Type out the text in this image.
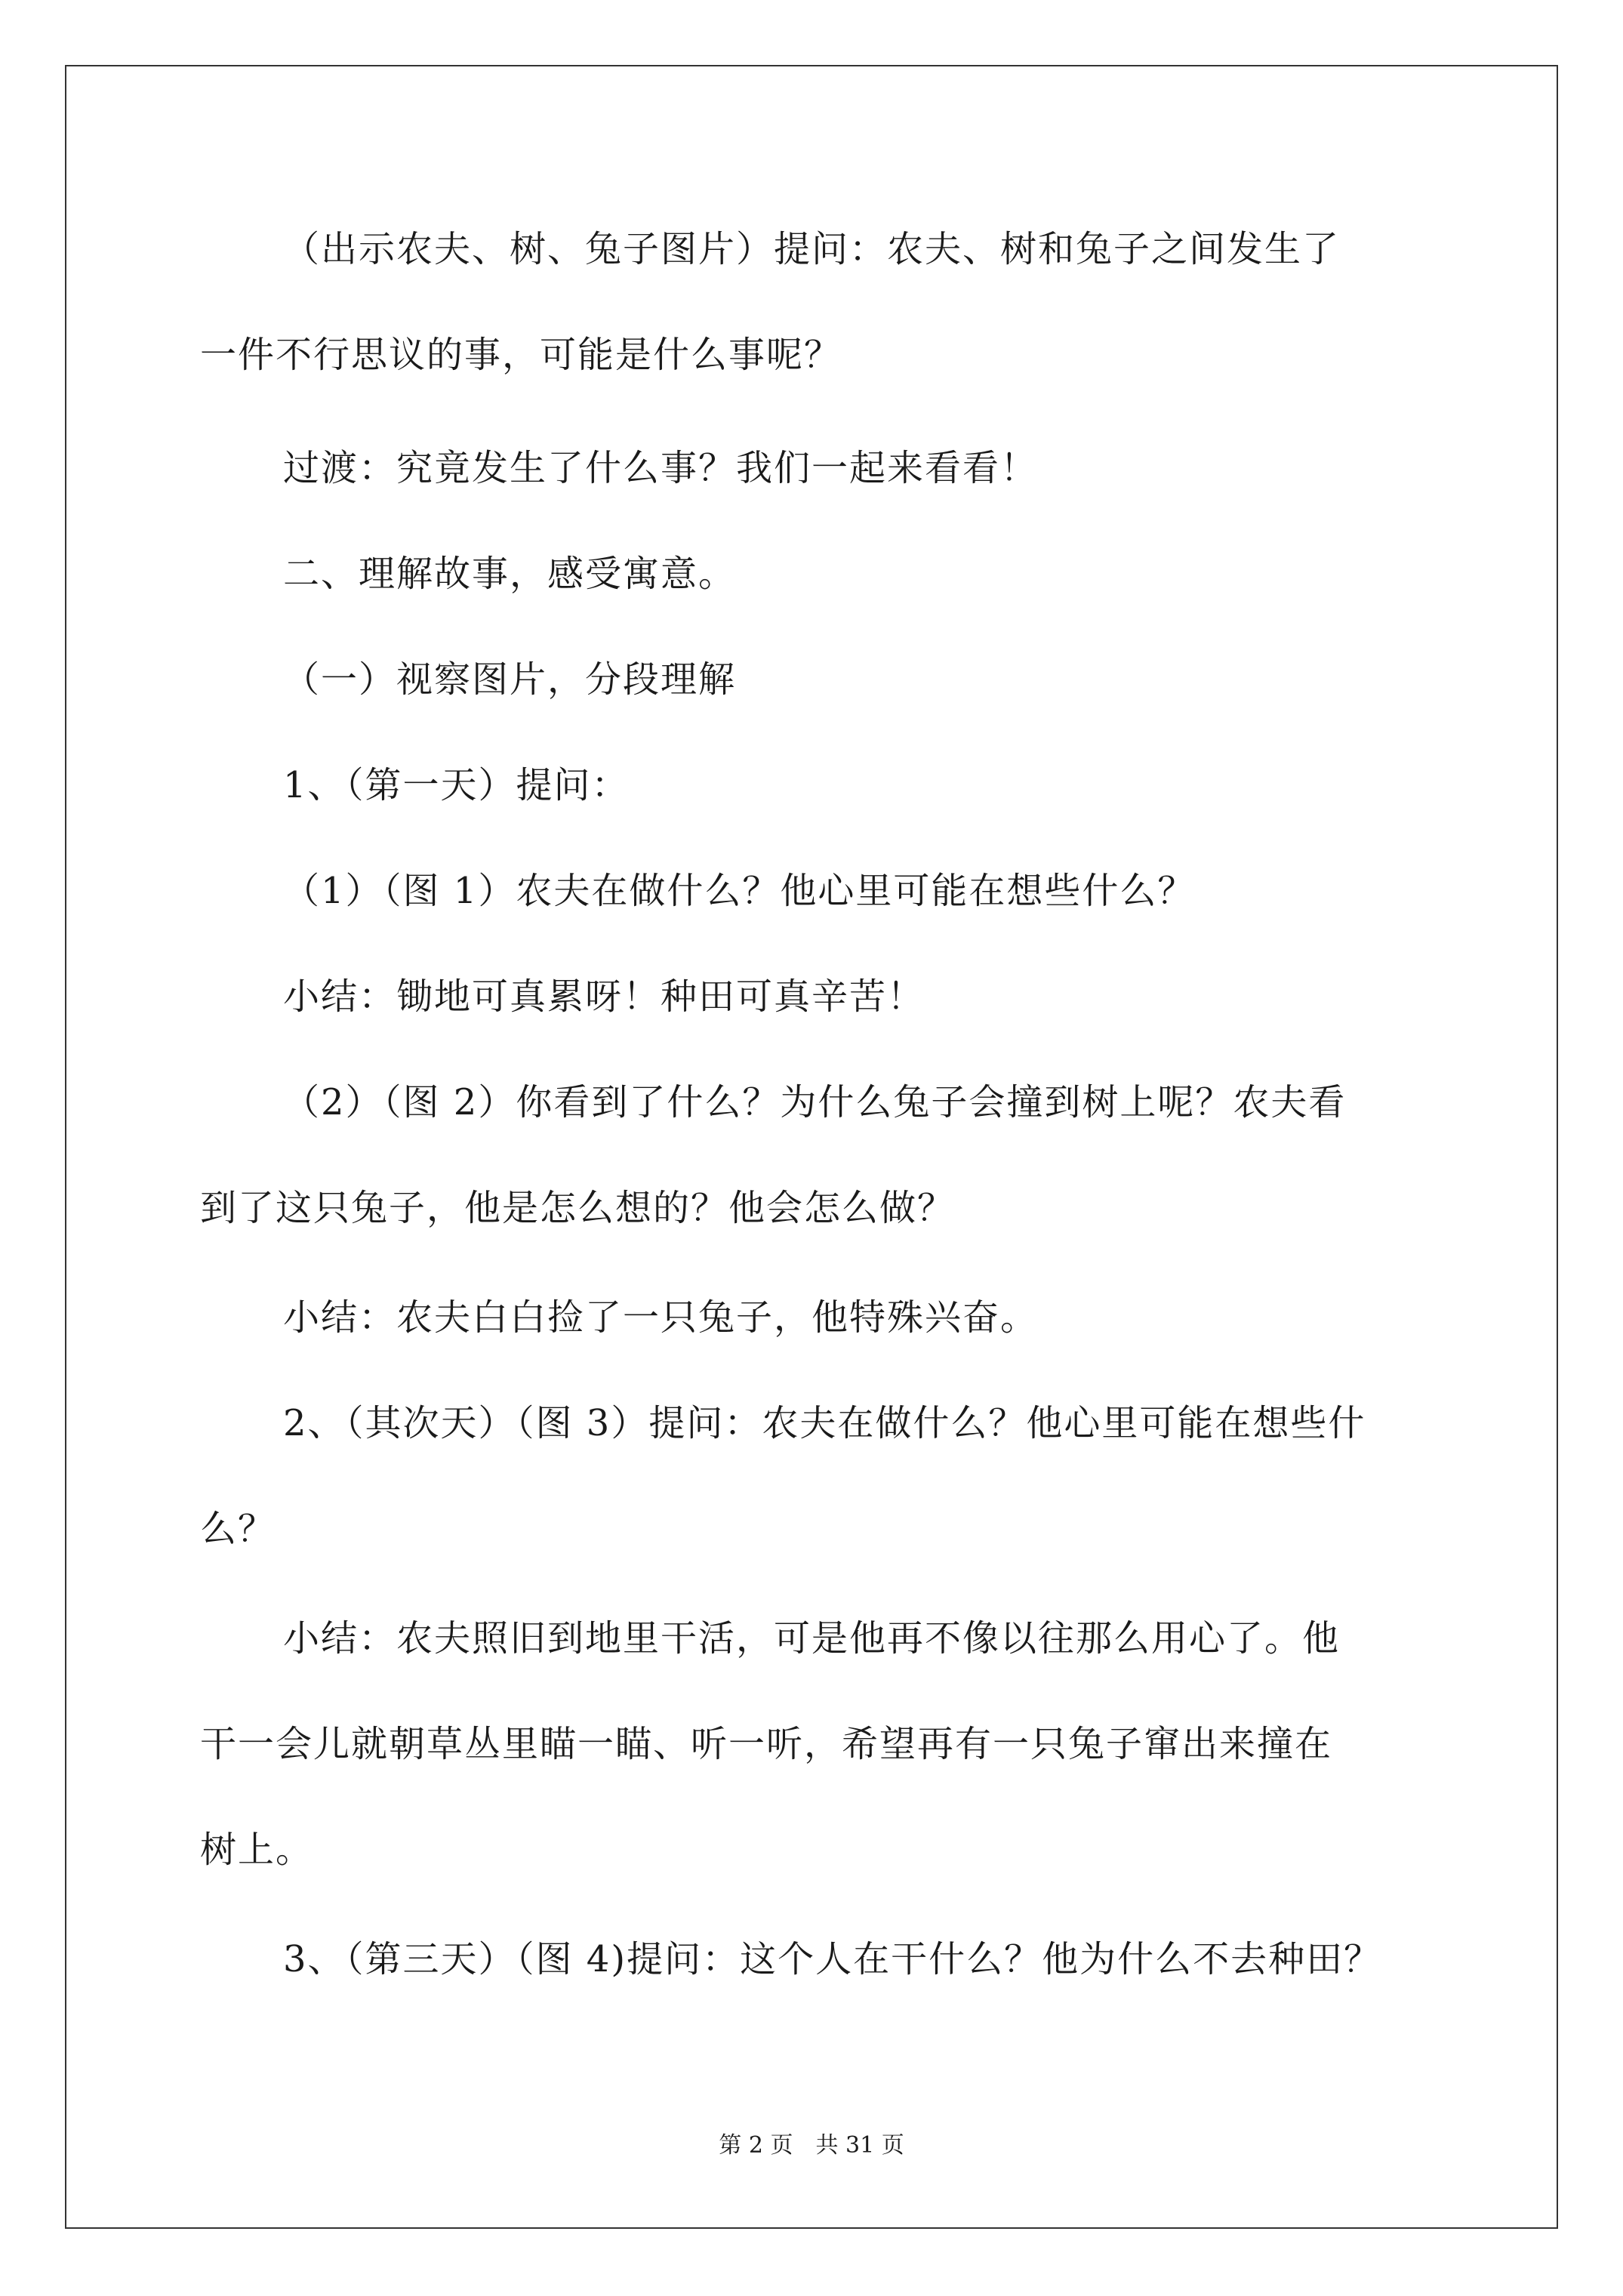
（出示农夫、树、兔子图片）提问：农夫、树和兔子之间发生了
一件不行思议的事，可能是什么事呢？
过渡：究竟发生了什么事？我们一起来看看！
二、理解故事，感受寓意。
（一）视察图片，分段理解
1、（第一天）提问：
（1）（图 1）农夫在做什么？他心里可能在想些什么？
小结：锄地可真累呀！种田可真辛苦！
（2）（图 2）你看到了什么？为什么兔子会撞到树上呢？农夫看
到了这只兔子，他是怎么想的？他会怎么做？
小结：农夫白白捡了一只兔子，他特殊兴奋。
2、（其次天）（图 3）提问：农夫在做什么？他心里可能在想些什
么？
小结：农夫照旧到地里干活，可是他再不像以往那么用心了。他
干一会儿就朝草丛里瞄一瞄、听一听，希望再有一只兔子窜出来撞在
树上。
3、（第三天）（图 4)提问：这个人在干什么？他为什么不去种田？
第 2 页　共 31 页
